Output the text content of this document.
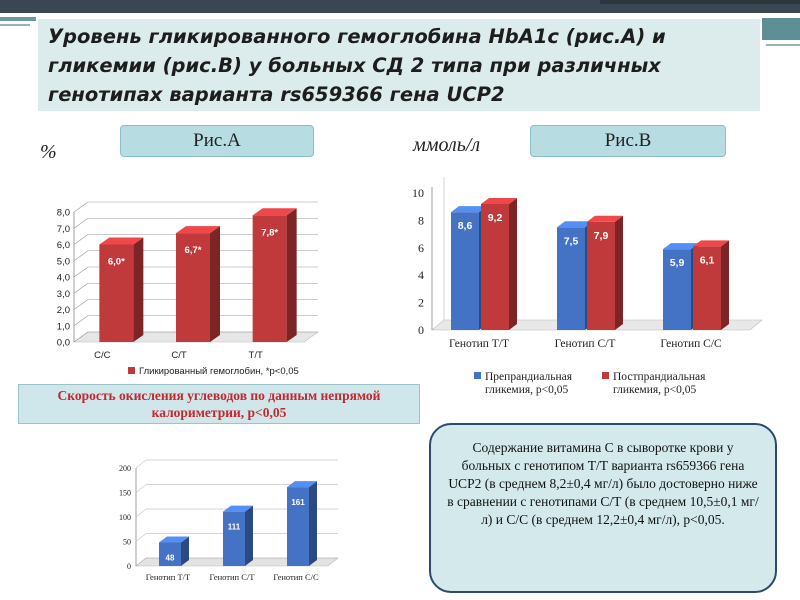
Уровень гликированного гемоглобина HbA1с (рис.А) и гликемии (рис.В) у больных СД 2 типа при различных генотипах варианта rs659366 гена UCP2
Рис.А	Рис.В
%	ммоль/л
0,0
1,0
2,0
3,0
4,0
5,0
6,0
7,0
8,0
6,0*
С/С
6,7*
С/Т
7,8*
Т/Т
Гликированный гемоглобин, *р<0,05
0
2
4
6
8
10
8,6
9,2
Генотип Т/Т
7,5 7,9
Генотип С/Т
5,9 6,1
Генотип С/С
Препрандиальная
гликемия, р<0,05
Постпрандиальная
гликемия, р<0,05
Скорость окисления углеводов по данным непрямой калориметрии, р<0,05
0
50
100
150
200
48
Генотип Т/Т
111
Генотип С/Т
161
Генотип С/С
Содержание витамина С в сыворотке крови у больных с генотипом Т/Т варианта rs659366 гена UCP2 (в среднем 8,2±0,4 мг/л) было достоверно ниже в сравнении с генотипами С/Т (в среднем 10,5±0,1 мг/л) и С/С (в среднем 12,2±0,4 мг/л), р<0,05.
